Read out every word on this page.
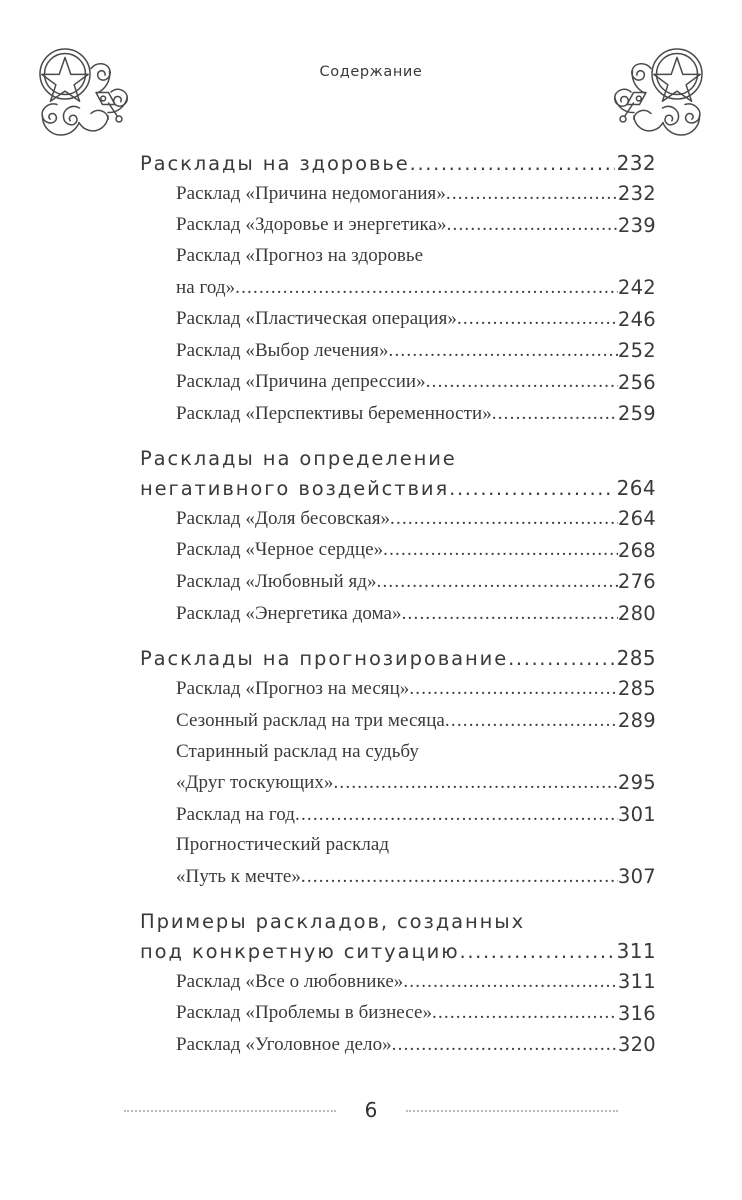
Содержание
Расклады на здоровье .....	232
Расклад «Причина недомогания» .....	232
Расклад «Здоровье и энергетика» .....	239
Расклад «Прогноз на здоровье
на год» .....	242
Расклад «Пластическая операция» .....	246
Расклад «Выбор лечения» .....	252
Расклад «Причина депрессии» .....	256
Расклад «Перспективы беременности» .....	259
Расклады на определение
негативного воздействия .....	264
Расклад «Доля бесовская» .....	264
Расклад «Черное сердце» .....	268
Расклад «Любовный яд» .....	276
Расклад «Энергетика дома» .....	280
Расклады на прогнозирование .....	285
Расклад «Прогноз на месяц» .....	285
Сезонный расклад на три месяца .....	289
Старинный расклад на судьбу
«Друг тоскующих» .....	295
Расклад на год .....	301
Прогностический расклад
«Путь к мечте» .....	307
Примеры раскладов, созданных
под конкретную ситуацию .....	311
Расклад «Все о любовнике» .....	311
Расклад «Проблемы в бизнесе» .....	316
Расклад «Уголовное дело» .....	320
6
